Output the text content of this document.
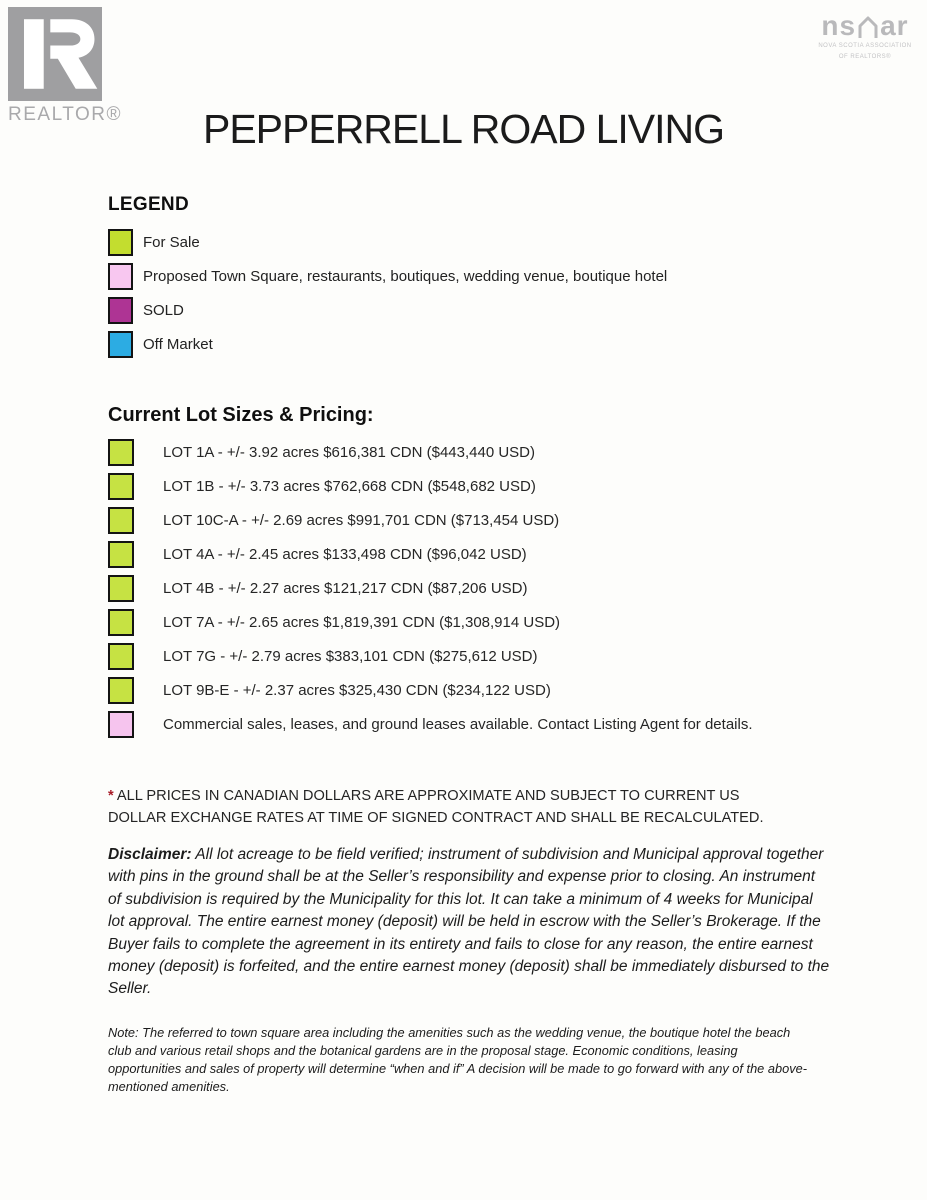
REALTOR®
ns ar
NOVA SCOTIA ASSOCIATION
OF REALTORS®
PEPPERRELL ROAD LIVING
LEGEND
For Sale
Proposed Town Square, restaurants, boutiques, wedding venue, boutique hotel
SOLD
Off Market
Current Lot Sizes & Pricing:
LOT 1A - +/- 3.92 acres $616,381 CDN ($443,440 USD)
LOT 1B - +/- 3.73 acres $762,668 CDN ($548,682 USD)
LOT 10C-A - +/- 2.69 acres $991,701 CDN ($713,454 USD)
LOT 4A - +/- 2.45 acres $133,498 CDN ($96,042 USD)
LOT 4B - +/- 2.27 acres $121,217 CDN ($87,206 USD)
LOT 7A - +/- 2.65 acres $1,819,391 CDN ($1,308,914 USD)
LOT 7G - +/- 2.79 acres $383,101 CDN ($275,612 USD)
LOT 9B-E - +/- 2.37 acres $325,430 CDN ($234,122 USD)
Commercial sales, leases, and ground leases available. Contact Listing Agent for details.

* ALL PRICES IN CANADIAN DOLLARS ARE APPROXIMATE AND SUBJECT TO CURRENT US DOLLAR EXCHANGE RATES AT TIME OF SIGNED CONTRACT AND SHALL BE RECALCULATED.

Disclaimer: All lot acreage to be field verified; instrument of subdivision and Municipal approval together with pins in the ground shall be at the Seller’s responsibility and expense prior to closing. An instrument of subdivision is required by the Municipality for this lot. It can take a minimum of 4 weeks for Municipal lot approval. The entire earnest money (deposit) will be held in escrow with the Seller’s Brokerage. If the Buyer fails to complete the agreement in its entirety and fails to close for any reason, the entire earnest money (deposit) is forfeited, and the entire earnest money (deposit) shall be immediately disbursed to the Seller.

Note: The referred to town square area including the amenities such as the wedding venue, the boutique hotel the beach club and various retail shops and the botanical gardens are in the proposal stage. Economic conditions, leasing opportunities and sales of property will determine “when and if” A decision will be made to go forward with any of the above-mentioned amenities.
